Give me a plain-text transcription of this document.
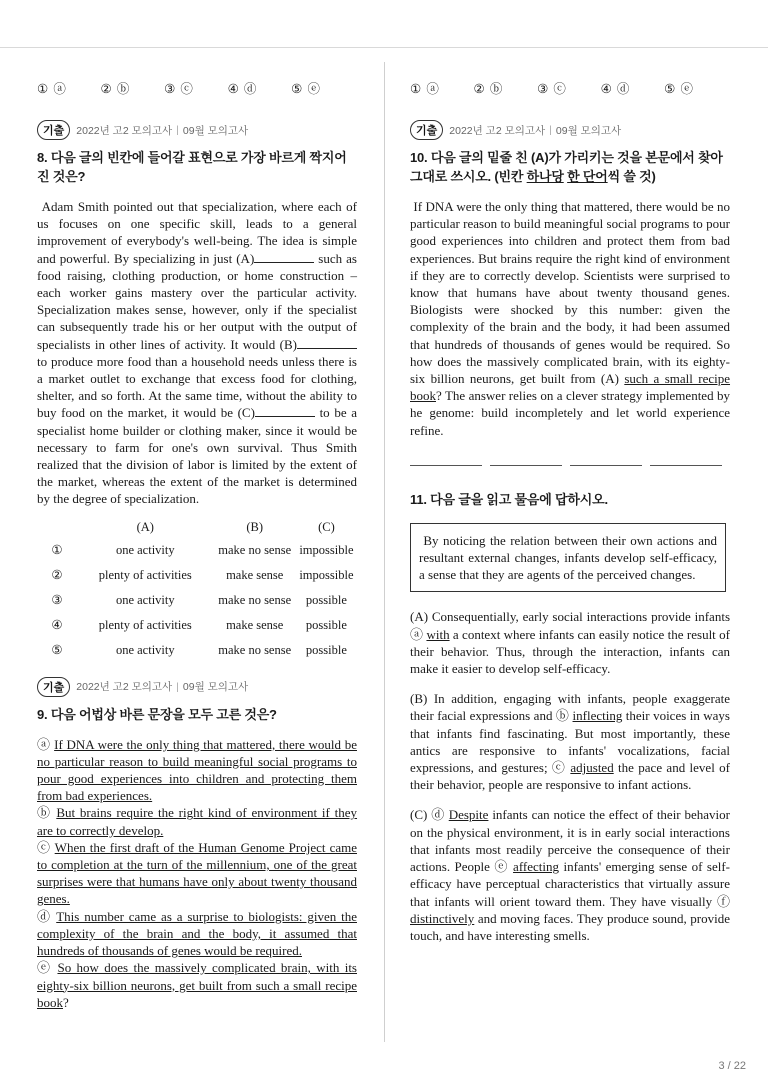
① ⓐ	② ⓑ	③ ⓒ	④ ⓓ	⑤ ⓔ
기출	2022년 고2 모의고사 | 09월 모의고사
8. 다음 글의 빈칸에 들어갈 표현으로 가장 바르게 짝지어진 것은?
Adam Smith pointed out that specialization, where each of us focuses on one specific skill, leads to a general improvement of everybody's well-being. The idea is simple and powerful. By specializing in just (A)	such as food raising, clothing production, or home construction – each worker gains mastery over the particular activity. Specialization makes sense, however, only if the specialist can subsequently trade his or her output with the output of specialists in other lines of activity. It would (B) to produce more food than a household needs unless there is a market outlet to exchange that excess food for clothing, shelter, and so forth. At the same time, without the ability to buy food on the market, it would be (C)	to be a specialist home builder or clothing maker, since it would be necessary to farm for one's own survival. Thus Smith realized that the division of labor is limited by the extent of the market, whereas the extent of the market is determined by the degree of specialization.
	(A)	(B)	(C)
①	one activity	make no sense	impossible
②	plenty of activities	make sense	impossible
③	one activity	make no sense	possible
④	plenty of activities	make sense	possible
⑤	one activity	make no sense	possible
기출	2022년 고2 모의고사 | 09월 모의고사
9. 다음 어법상 바른 문장을 모두 고른 것은?
ⓐ If DNA were the only thing that mattered, there would be no particular reason to build meaningful social programs to pour good experiences into children and protecting them from bad experiences.
ⓑ But brains require the right kind of environment if they are to correctly develop.
ⓒ When the first draft of the Human Genome Project came to completion at the turn of the millennium, one of the great surprises were that humans have only about twenty thousand genes.
ⓓ This number came as a surprise to biologists: given the complexity of the brain and the body, it assumed that hundreds of thousands of genes would be required.
ⓔ So how does the massively complicated brain, with its eighty-six billion neurons, get built from such a small recipe book?
① ⓐ	② ⓑ	③ ⓒ	④ ⓓ	⑤ ⓔ
기출	2022년 고2 모의고사 | 09월 모의고사
10. 다음 글의 밑줄 친 (A)가 가리키는 것을 본문에서 찾아 그대로 쓰시오. (빈칸 하나당 한 단어씩 쓸 것)
If DNA were the only thing that mattered, there would be no particular reason to build meaningful social programs to pour good experiences into children and protect them from bad experiences. But brains require the right kind of environment if they are to correctly develop. Scientists were surprised to know that humans have about twenty thousand genes. Biologists were shocked by this number: given the complexity of the brain and the body, it had been assumed that hundreds of thousands of genes would be required. So how does the massively complicated brain, with its eighty-six billion neurons, get built from (A) such a small recipe book? The answer relies on a clever strategy implemented by he genome: build incompletely and let world experience refine.
11. 다음 글을 읽고 물음에 답하시오.
By noticing the relation between their own actions and resultant external changes, infants develop self-efficacy, a sense that they are agents of the perceived changes.
(A) Consequentially, early social interactions provide infants ⓐ with a context where infants can easily notice the result of their behavior. Thus, through the interaction, infants can make it easier to develop self-efficacy.
(B) In addition, engaging with infants, people exaggerate their facial expressions and ⓑ inflecting their voices in ways that infants find fascinating. But most importantly, these antics are responsive to infants' vocalizations, facial expressions, and gestures; ⓒ adjusted the pace and level of their behavior, people are responsive to infant actions.
(C) ⓓ Despite infants can notice the effect of their behavior on the physical environment, it is in early social interactions that infants most readily perceive the consequence of their actions. People ⓔ affecting infants' emerging sense of self-efficacy have perceptual characteristics that virtually assure that infants will orient toward them. They have visually ⓕ distinctively and moving faces. They produce sound, provide touch, and have interesting smells.
3 / 22
